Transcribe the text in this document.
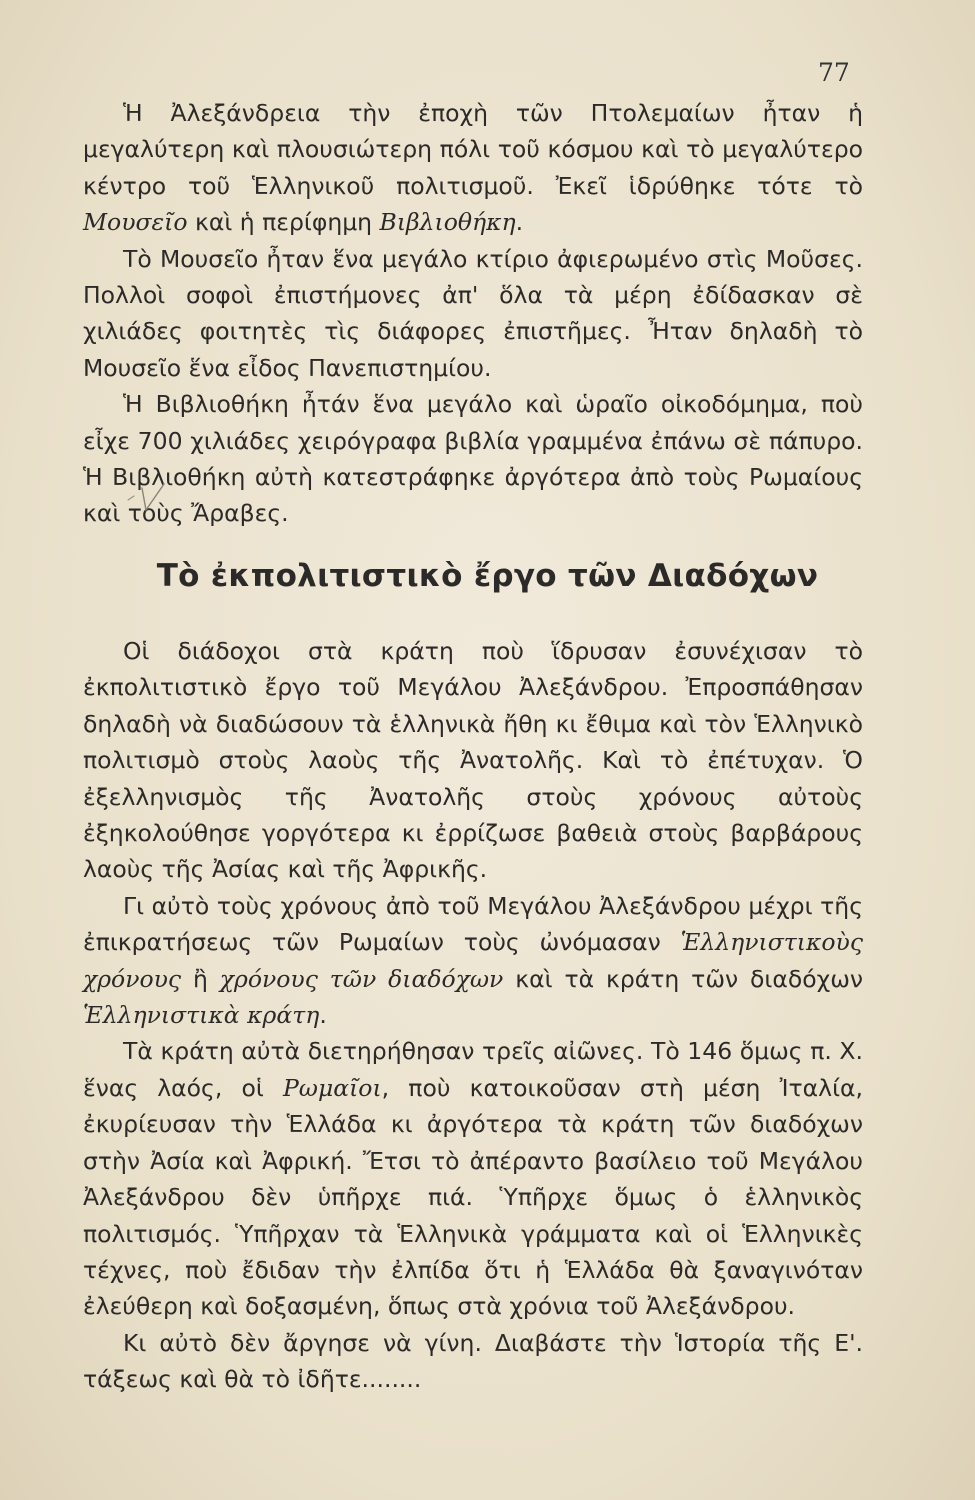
77

Ἡ Ἀλεξάνδρεια τὴν ἐποχὴ τῶν Πτολεμαίων ἦταν ἡ μεγαλύτερη καὶ πλουσιώτερη πόλι τοῦ κόσμου καὶ τὸ μεγαλύτερο κέντρο τοῦ Ἑλληνικοῦ πολιτισμοῦ. Ἐκεῖ ἱδρύθηκε τότε τὸ Μουσεῖο καὶ ἡ περίφημη Βιβλιοθήκη.

Τὸ Μουσεῖο ἦταν ἕνα μεγάλο κτίριο ἀφιερωμένο στὶς Μοῦσες. Πολλοὶ σοφοὶ ἐπιστήμονες ἀπ' ὅλα τὰ μέρη ἐδίδασκαν σὲ χιλιάδες φοιτητὲς τὶς διάφορες ἐπιστῆμες. Ἦταν δηλαδὴ τὸ Μουσεῖο ἕνα εἶδος Πανεπιστημίου.

Ἡ Βιβλιοθήκη ἦτάν ἕνα μεγάλο καὶ ὡραῖο οἰκοδόμημα, ποὺ εἶχε 700 χιλιάδες χειρόγραφα βιβλία γραμμένα ἐπάνω σὲ πάπυρο. Ἡ Βιβλιοθήκη αὐτὴ κατεστράφηκε ἀργότερα ἀπὸ τοὺς Ρωμαίους καὶ τοὺς Ἄραβες.

Τὸ ἐκπολιτιστικὸ ἔργο τῶν Διαδόχων

Οἱ διάδοχοι στὰ κράτη ποὺ ἵδρυσαν ἐσυνέχισαν τὸ ἐκπολιτιστικὸ ἔργο τοῦ Μεγάλου Ἀλεξάνδρου. Ἐπροσπάθησαν δηλαδὴ νὰ διαδώσουν τὰ ἑλληνικὰ ἤθη κι ἔθιμα καὶ τὸν Ἑλληνικὸ πολιτισμὸ στοὺς λαοὺς τῆς Ἀνατολῆς. Καὶ τὸ ἐπέτυχαν. Ὁ ἐξελληνισμὸς τῆς Ἀνατολῆς στοὺς χρόνους αὐτοὺς ἐξηκολούθησε γοργότερα κι ἐρρίζωσε βαθειὰ στοὺς βαρβάρους λαοὺς τῆς Ἀσίας καὶ τῆς Ἀφρικῆς.

Γι αὐτὸ τοὺς χρόνους ἀπὸ τοῦ Μεγάλου Ἀλεξάνδρου μέχρι τῆς ἐπικρατήσεως τῶν Ρωμαίων τοὺς ὠνόμασαν Ἑλληνιστικοὺς χρόνους ἢ χρόνους τῶν διαδόχων καὶ τὰ κράτη τῶν διαδόχων Ἑλληνιστικὰ κράτη.

Τὰ κράτη αὐτὰ διετηρήθησαν τρεῖς αἰῶνες. Τὸ 146 ὅμως π. Χ. ἕνας λαός, οἱ Ρωμαῖοι, ποὺ κατοικοῦσαν στὴ μέση Ἰταλία, ἐκυρίευσαν τὴν Ἑλλάδα κι ἀργότερα τὰ κράτη τῶν διαδόχων στὴν Ἀσία καὶ Ἀφρική. Ἔτσι τὸ ἀπέραντο βασίλειο τοῦ Μεγάλου Ἀλεξάνδρου δὲν ὑπῆρχε πιά. Ὑπῆρχε ὅμως ὁ ἑλληνικὸς πολιτισμός. Ὑπῆρχαν τὰ Ἑλληνικὰ γράμματα καὶ οἱ Ἑλληνικὲς τέχνες, ποὺ ἔδιδαν τὴν ἐλπίδα ὅτι ἡ Ἑλλάδα θὰ ξαναγινόταν ἐλεύθερη καὶ δοξασμένη, ὅπως στὰ χρόνια τοῦ Ἀλεξάνδρου.

Κι αὐτὸ δὲν ἄργησε νὰ γίνη. Διαβάστε τὴν Ἱστορία τῆς Ε'. τάξεως καὶ θὰ τὸ ἰδῆτε........
